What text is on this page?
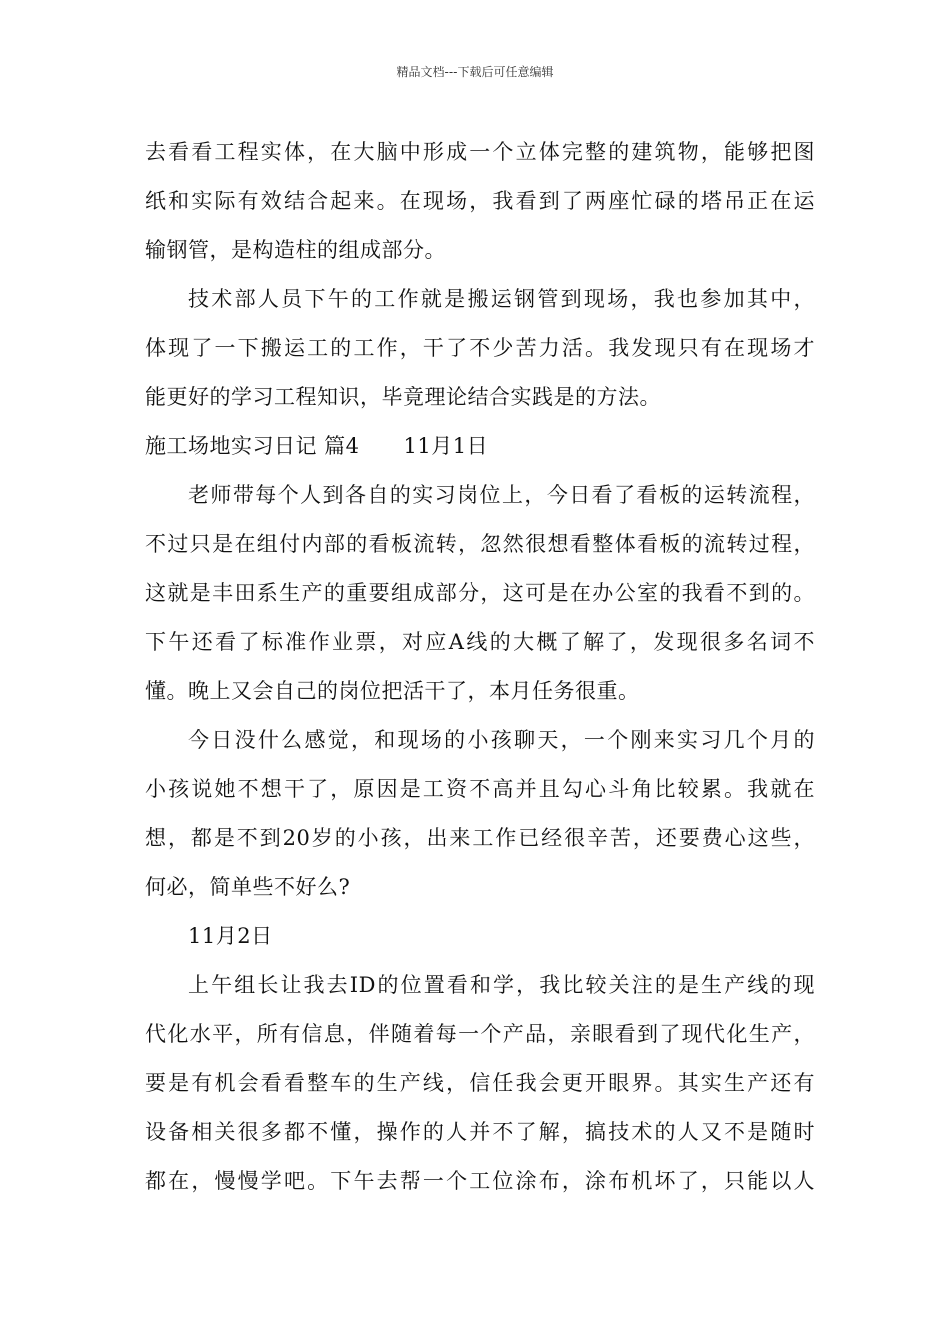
精品文档---下载后可任意编辑
去看看工程实体，在大脑中形成一个立体完整的建筑物，能够把图
纸和实际有效结合起来。在现场，我看到了两座忙碌的塔吊正在运
输钢管，是构造柱的组成部分。
技术部人员下午的工作就是搬运钢管到现场，我也参加其中，
体现了一下搬运工的工作，干了不少苦力活。我发现只有在现场才
能更好的学习工程知识，毕竟理论结合实践是的方法。
施工场地实习日记 篇4 11月1日
老师带每个人到各自的实习岗位上，今日看了看板的运转流程，
不过只是在组付内部的看板流转，忽然很想看整体看板的流转过程，
这就是丰田系生产的重要组成部分，这可是在办公室的我看不到的。
下午还看了标准作业票，对应A线的大概了解了，发现很多名词不
懂。晚上又会自己的岗位把活干了，本月任务很重。
今日没什么感觉，和现场的小孩聊天，一个刚来实习几个月的
小孩说她不想干了，原因是工资不高并且勾心斗角比较累。我就在
想，都是不到20岁的小孩，出来工作已经很辛苦，还要费心这些，
何必，简单些不好么?
11月2日
上午组长让我去ID的位置看和学，我比较关注的是生产线的现
代化水平，所有信息，伴随着每一个产品，亲眼看到了现代化生产，
要是有机会看看整车的生产线，信任我会更开眼界。其实生产还有
设备相关很多都不懂，操作的人并不了解，搞技术的人又不是随时
都在，慢慢学吧。下午去帮一个工位涂布，涂布机坏了，只能以人
